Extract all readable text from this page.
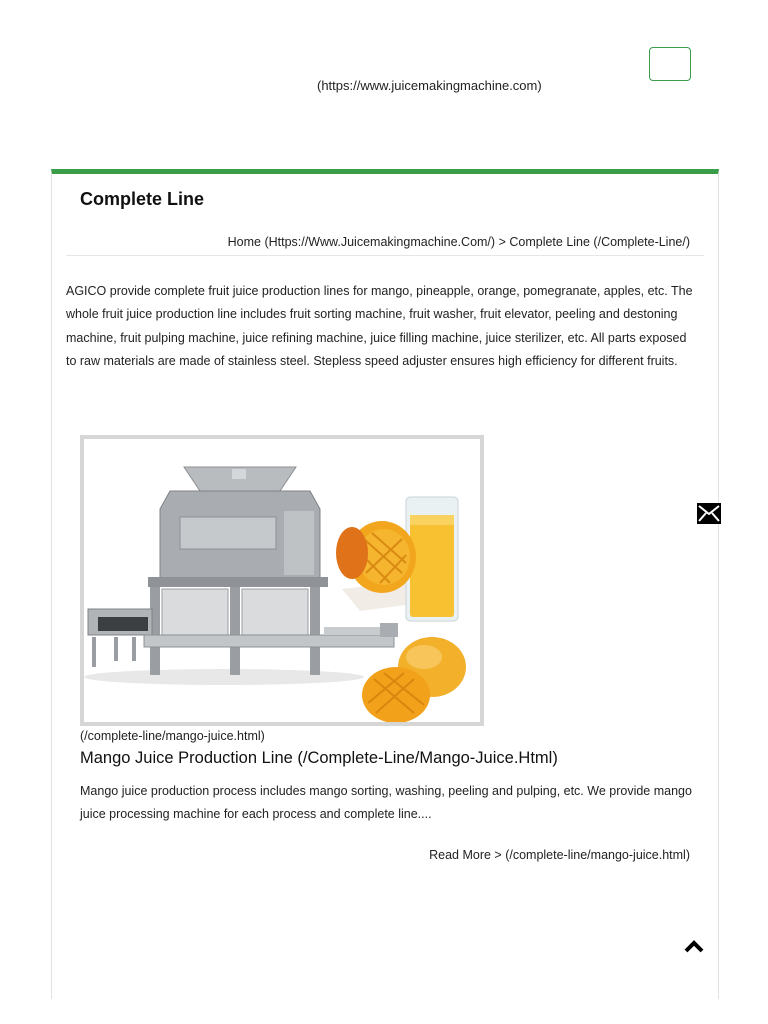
(https://www.juicemakingmachine.com)
Complete Line
Home (Https://Www.Juicemakingmachine.Com/) > Complete Line (/Complete-Line/)

AGICO provide complete fruit juice production lines for mango, pineapple, orange, pomegranate, apples, etc. The whole fruit juice production line includes fruit sorting machine, fruit washer, fruit elevator, peeling and destoning machine, fruit pulping machine, juice refining machine, juice filling machine, juice sterilizer, etc. All parts exposed to raw materials are made of stainless steel. Stepless speed adjuster ensures high efficiency for different fruits.

(/complete-line/mango-juice.html)
Mango Juice Production Line (/Complete-Line/Mango-Juice.Html)

Mango juice production process includes mango sorting, washing, peeling and pulping, etc. We provide mango juice processing machine for each process and complete line....

Read More > (/complete-line/mango-juice.html)
